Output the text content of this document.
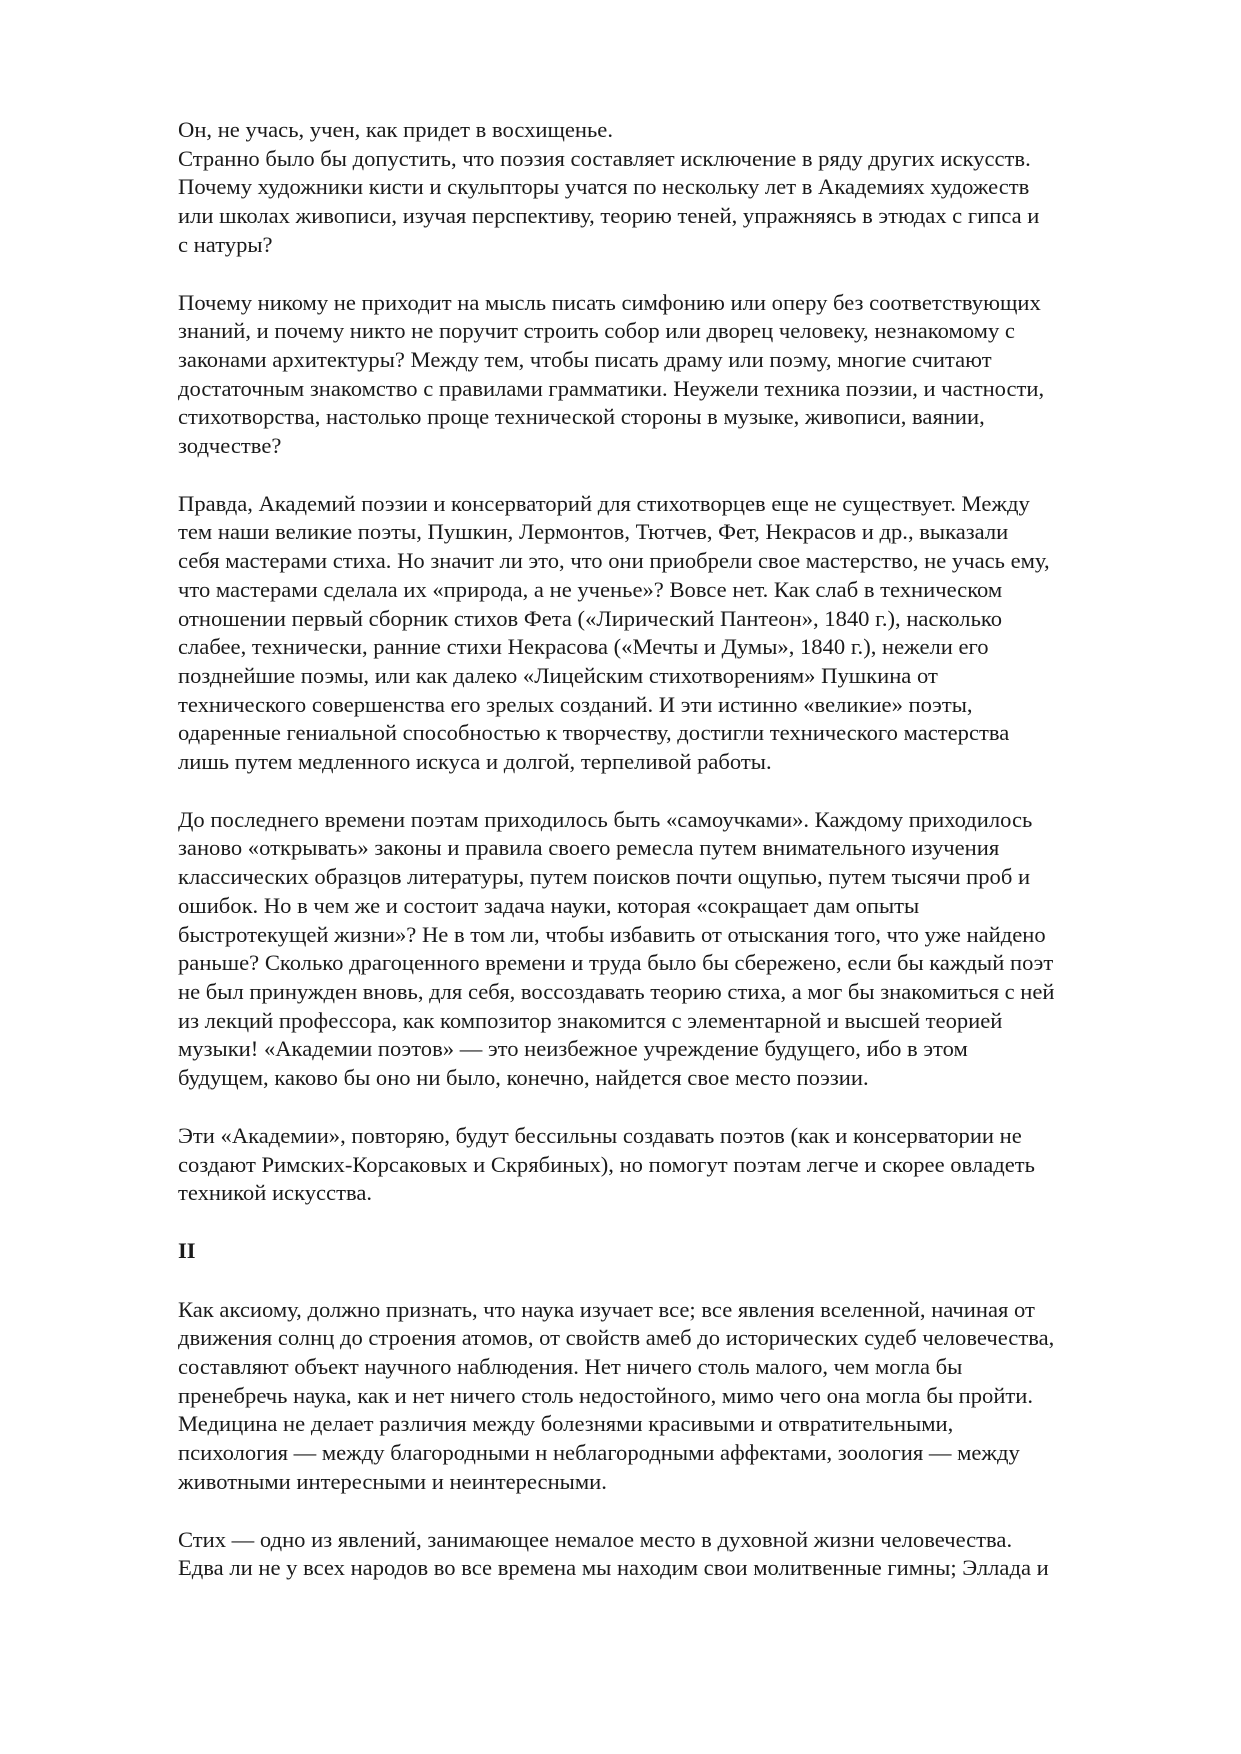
Он, не учась, учен, как придет в восхищенье.

Странно было бы допустить, что поэзия составляет исключение в ряду других искусств.
Почему художники кисти и скульпторы учатся по нескольку лет в Академиях художеств
или школах живописи, изучая перспективу, теорию теней, упражняясь в этюдах с гипса и
с натуры?

Почему никому не приходит на мысль писать симфонию или оперу без соответствующих
знаний, и почему никто не поручит строить собор или дворец человеку, незнакомому с
законами архитектуры? Между тем, чтобы писать драму или поэму, многие считают
достаточным знакомство с правилами грамматики. Неужели техника поэзии, и частности,
стихотворства, настолько проще технической стороны в музыке, живописи, ваянии,
зодчестве?

Правда, Академий поэзии и консерваторий для стихотворцев еще не существует. Между
тем наши великие поэты, Пушкин, Лермонтов, Тютчев, Фет, Некрасов и др., выказали
себя мастерами стиха. Но значит ли это, что они приобрели свое мастерство, не учась ему,
что мастерами сделала их «природа, а не ученье»? Вовсе нет. Как слаб в техническом
отношении первый сборник стихов Фета («Лирический Пантеон», 1840 г.), насколько
слабее, технически, ранние стихи Некрасова («Мечты и Думы», 1840 г.), нежели его
позднейшие поэмы, или как далеко «Лицейским стихотворениям» Пушкина от
технического совершенства его зрелых созданий. И эти истинно «великие» поэты,
одаренные гениальной способностью к творчеству, достигли технического мастерства
лишь путем медленного искуса и долгой, терпеливой работы.

До последнего времени поэтам приходилось быть «самоучками». Каждому приходилось
заново «открывать» законы и правила своего ремесла путем внимательного изучения
классических образцов литературы, путем поисков почти ощупью, путем тысячи проб и
ошибок. Но в чем же и состоит задача науки, которая «сокращает дам опыты
быстротекущей жизни»? Не в том ли, чтобы избавить от отыскания того, что уже найдено
раньше? Сколько драгоценного времени и труда было бы сбережено, если бы каждый поэт
не был принужден вновь, для себя, воссоздавать теорию стиха, а мог бы знакомиться с ней
из лекций профессора, как композитор знакомится с элементарной и высшей теорией
музыки! «Академии поэтов» — это неизбежное учреждение будущего, ибо в этом
будущем, каково бы оно ни было, конечно, найдется свое место поэзии.

Эти «Академии», повторяю, будут бессильны создавать поэтов (как и консерватории не
создают Римских-Корсаковых и Скрябиных), но помогут поэтам легче и скорее овладеть
техникой искусства.

II

Как аксиому, должно признать, что наука изучает все; все явления вселенной, начиная от
движения солнц до строения атомов, от свойств амеб до исторических судеб человечества,
составляют объект научного наблюдения. Нет ничего столь малого, чем могла бы
пренебречь наука, как и нет ничего столь недостойного, мимо чего она могла бы пройти.
Медицина не делает различия между болезнями красивыми и отвратительными,
психология — между благородными н неблагородными аффектами, зоология — между
животными интересными и неинтересными.

Стих — одно из явлений, занимающее немалое место в духовной жизни человечества.
Едва ли не у всех народов во все времена мы находим свои молитвенные гимны; Эллада и
